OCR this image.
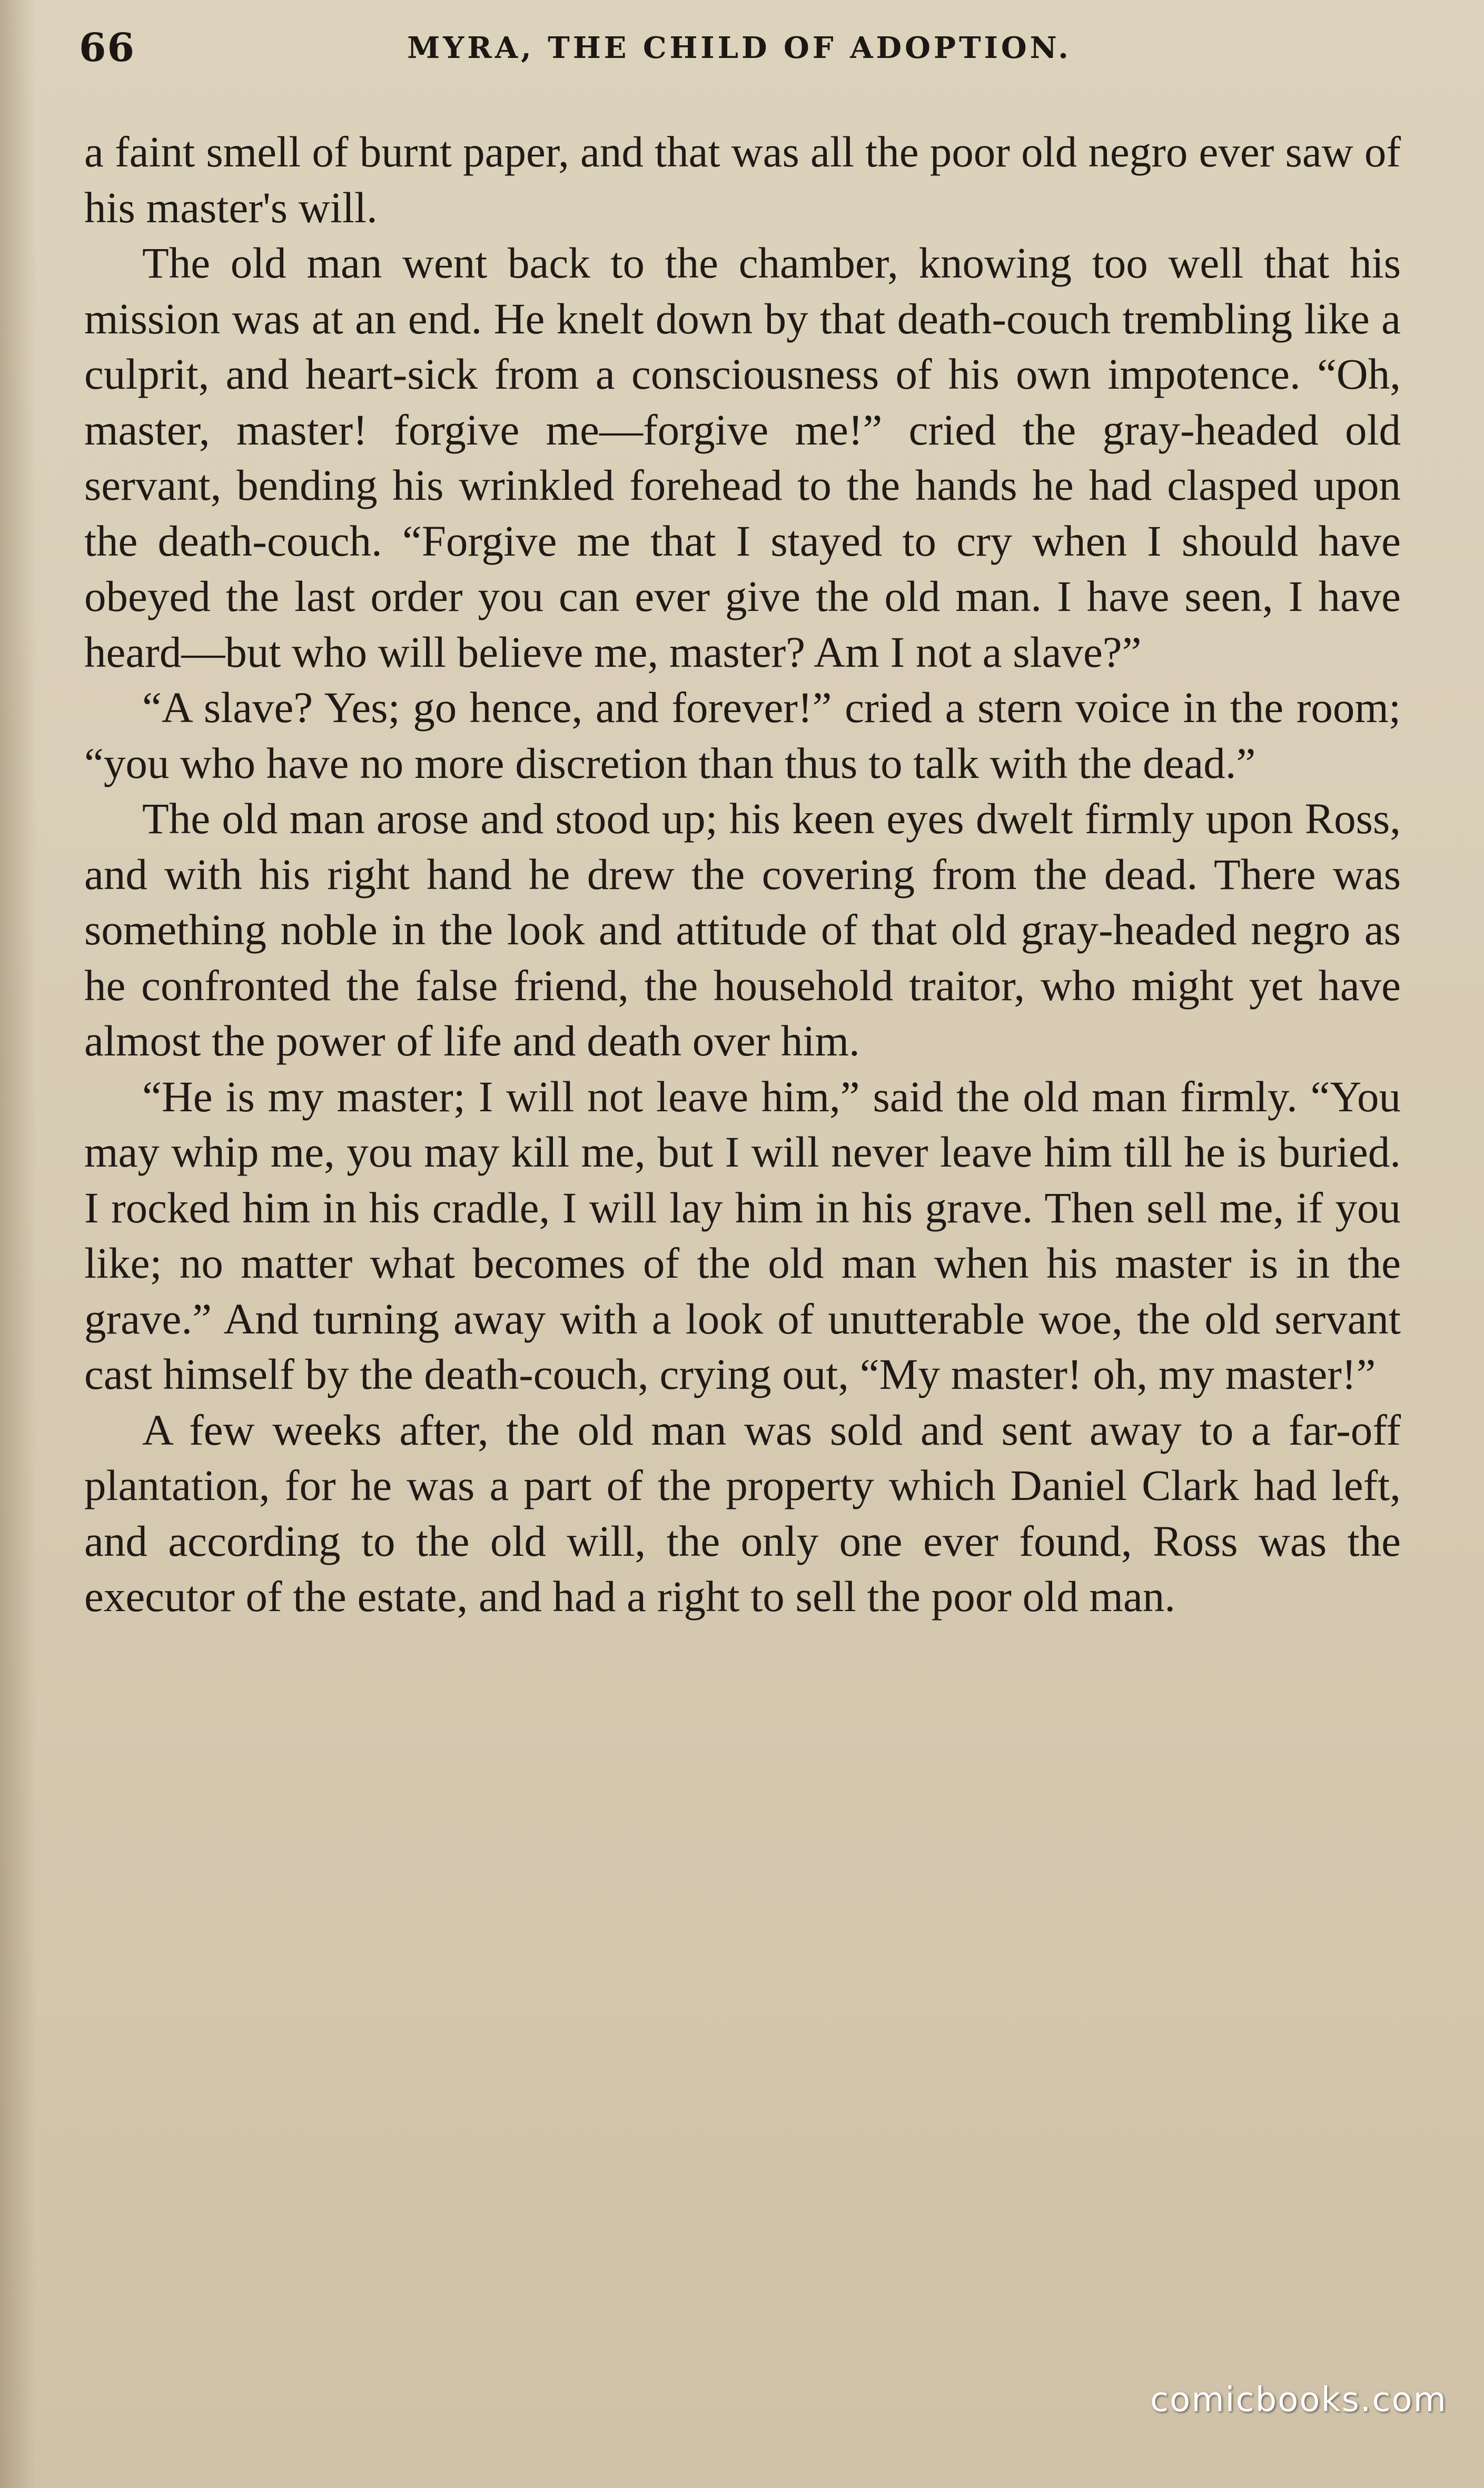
66	MYRA, THE CHILD OF ADOPTION.

a faint smell of burnt paper, and that was all the poor old negro ever saw of his master's will.

The old man went back to the chamber, knowing too well that his mission was at an end. He knelt down by that death-couch trembling like a culprit, and heart-sick from a consciousness of his own impotence. “Oh, master, master! forgive me—forgive me!” cried the gray-headed old servant, bending his wrinkled forehead to the hands he had clasped upon the death-couch. “Forgive me that I stayed to cry when I should have obeyed the last order you can ever give the old man. I have seen, I have heard—but who will believe me, master? Am I not a slave?”

“A slave? Yes; go hence, and forever!” cried a stern voice in the room; “you who have no more discretion than thus to talk with the dead.”

The old man arose and stood up; his keen eyes dwelt firmly upon Ross, and with his right hand he drew the covering from the dead. There was something noble in the look and attitude of that old gray-headed negro as he confronted the false friend, the household traitor, who might yet have almost the power of life and death over him.

“He is my master; I will not leave him,” said the old man firmly. “You may whip me, you may kill me, but I will never leave him till he is buried. I rocked him in his cradle, I will lay him in his grave. Then sell me, if you like; no matter what becomes of the old man when his master is in the grave.” And turning away with a look of unutterable woe, the old servant cast himself by the death-couch, crying out, “My master! oh, my master!”

A few weeks after, the old man was sold and sent away to a far-off plantation, for he was a part of the property which Daniel Clark had left, and according to the old will, the only one ever found, Ross was the executor of the estate, and had a right to sell the poor old man.

comicbooks.com
